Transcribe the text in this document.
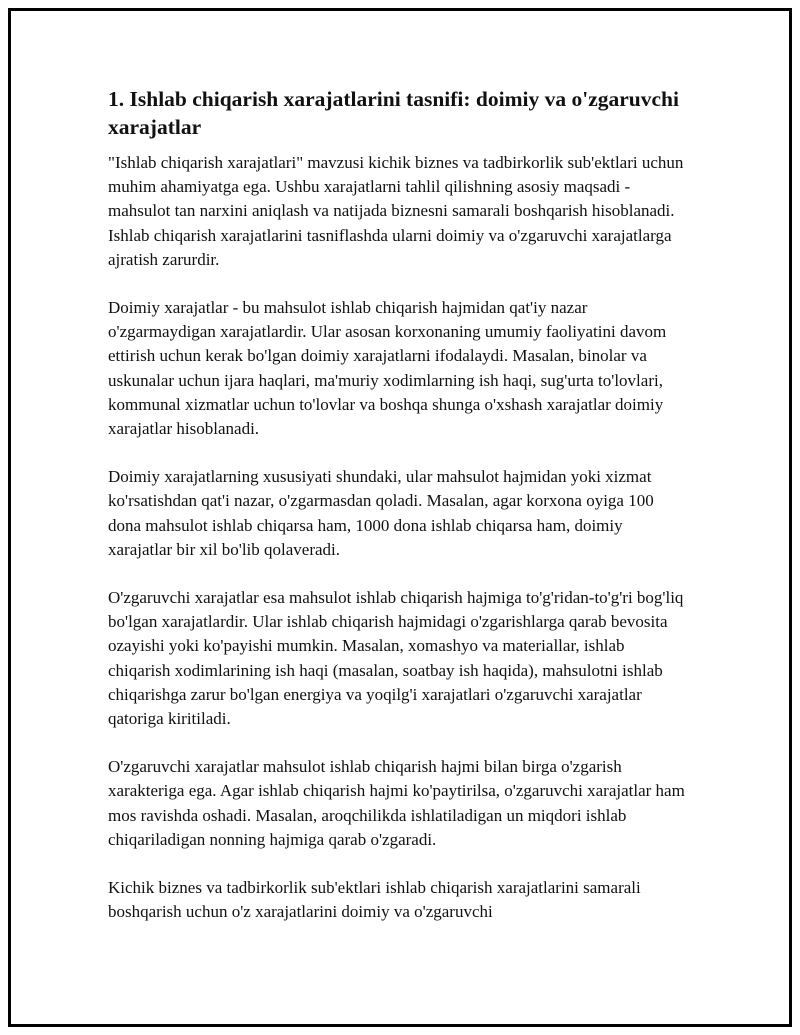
1. Ishlab chiqarish xarajatlarini tasnifi: doimiy va o'zgaruvchi xarajatlar

"Ishlab chiqarish xarajatlari" mavzusi kichik biznes va tadbirkorlik sub'ektlari uchun muhim ahamiyatga ega. Ushbu xarajatlarni tahlil qilishning asosiy maqsadi - mahsulot tan narxini aniqlash va natijada biznesni samarali boshqarish hisoblanadi. Ishlab chiqarish xarajatlarini tasniflashda ularni doimiy va o'zgaruvchi xarajatlarga ajratish zarurdir.

Doimiy xarajatlar - bu mahsulot ishlab chiqarish hajmidan qat'iy nazar o'zgarmaydigan xarajatlardir. Ular asosan korxonaning umumiy faoliyatini davom ettirish uchun kerak bo'lgan doimiy xarajatlarni ifodalaydi. Masalan, binolar va uskunalar uchun ijara haqlari, ma'muriy xodimlarning ish haqi, sug'urta to'lovlari, kommunal xizmatlar uchun to'lovlar va boshqa shunga o'xshash xarajatlar doimiy xarajatlar hisoblanadi.

Doimiy xarajatlarning xususiyati shundaki, ular mahsulot hajmidan yoki xizmat ko'rsatishdan qat'i nazar, o'zgarmasdan qoladi. Masalan, agar korxona oyiga 100 dona mahsulot ishlab chiqarsa ham, 1000 dona ishlab chiqarsa ham, doimiy xarajatlar bir xil bo'lib qolaveradi.

O'zgaruvchi xarajatlar esa mahsulot ishlab chiqarish hajmiga to'g'ridan-to'g'ri bog'liq bo'lgan xarajatlardir. Ular ishlab chiqarish hajmidagi o'zgarishlarga qarab bevosita ozayishi yoki ko'payishi mumkin. Masalan, xomashyo va materiallar, ishlab chiqarish xodimlarining ish haqi (masalan, soatbay ish haqida), mahsulotni ishlab chiqarishga zarur bo'lgan energiya va yoqilg'i xarajatlari o'zgaruvchi xarajatlar qatoriga kiritiladi.

O'zgaruvchi xarajatlar mahsulot ishlab chiqarish hajmi bilan birga o'zgarish xarakteriga ega. Agar ishlab chiqarish hajmi ko'paytirilsa, o'zgaruvchi xarajatlar ham mos ravishda oshadi. Masalan, aroqchilikda ishlatiladigan un miqdori ishlab chiqariladigan nonning hajmiga qarab o'zgaradi.

Kichik biznes va tadbirkorlik sub'ektlari ishlab chiqarish xarajatlarini samarali boshqarish uchun o'z xarajatlarini doimiy va o'zgaruvchi
